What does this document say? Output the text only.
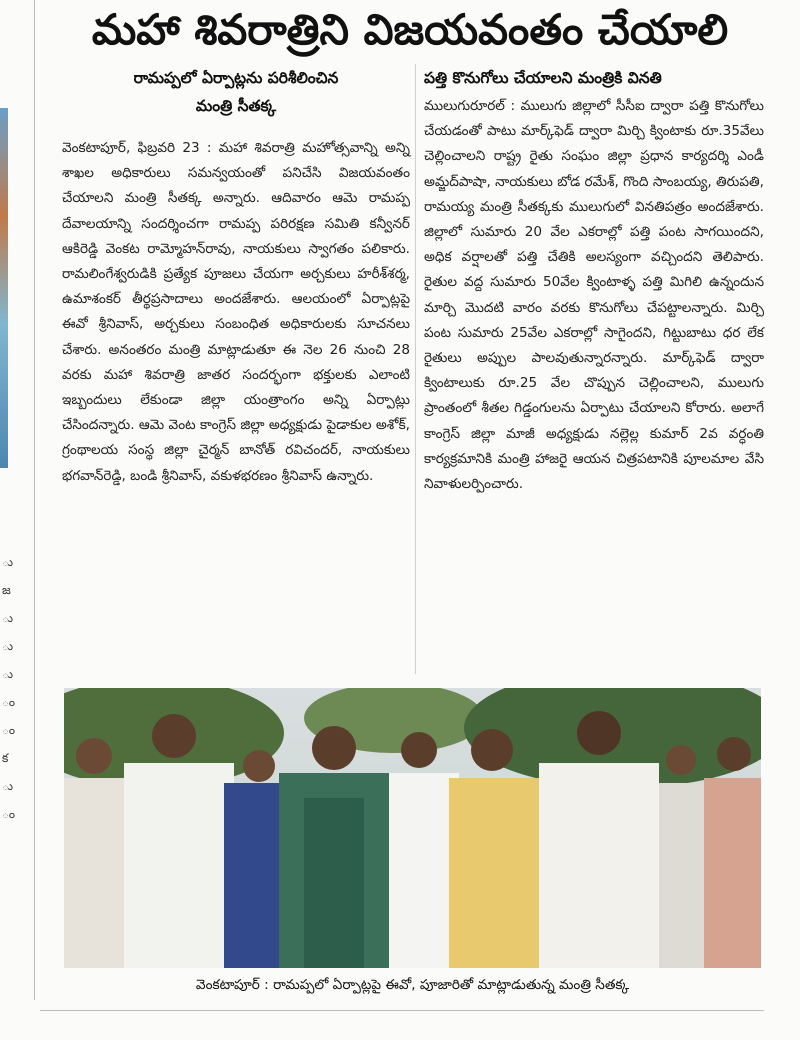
ు
జ
ు
ు
ు
ం
ం
క
ు
ం
మహా శివరాత్రిని విజయవంతం చేయాలి
రామప్పలో ఏర్పాట్లను పరిశీలించిన
మంత్రి సీతక్క

వెంకటాపూర్, ఫిబ్రవరి 23 : మహా శివరాత్రి మహోత్సవాన్ని అన్ని శాఖల అధికారులు సమన్వయంతో పనిచేసి విజయవంతం చేయాలని మంత్రి సీతక్క అన్నారు. ఆదివారం ఆమె రామప్ప దేవాలయాన్ని సందర్శించగా రామప్ప పరిరక్షణ సమితి కన్వీనర్ ఆకిరెడ్డి వెంకట రామ్మోహన్‌రావు, నాయకులు స్వాగతం పలికారు. రామలింగేశ్వరుడికి ప్రత్యేక పూజలు చేయగా అర్చకులు హరీశ్‌శర్మ, ఉమాశంకర్ తీర్థప్రసాదాలు అందజేశారు. ఆలయంలో ఏర్పాట్లపై ఈవో శ్రీనివాస్, అర్చకులు సంబంధిత అధికారులకు సూచనలు చేశారు. అనంతరం మంత్రి మాట్లాడుతూ ఈ నెల 26 నుంచి 28 వరకు మహా శివరాత్రి జాతర సందర్భంగా భక్తులకు ఎలాంటి ఇబ్బందులు లేకుండా జిల్లా యంత్రాంగం అన్ని ఏర్పాట్లు చేసిందన్నారు. ఆమె వెంట కాంగ్రెస్ జిల్లా అధ్యక్షుడు పైడాకుల అశోక్, గ్రంథాలయ సంస్థ జిల్లా చైర్మన్ బానోత్ రవిచందర్, నాయకులు భగవాన్‌రెడ్డి, బండి శ్రీనివాస్, వకుళభరణం శ్రీనివాస్ ఉన్నారు.

పత్తి కొనుగోలు చేయాలని మంత్రికి వినతి

ములుగురూరల్ : ములుగు జిల్లాలో సీసీఐ ద్వారా పత్తి కొనుగోలు చేయడంతో పాటు మార్క్‌ఫెడ్ ద్వారా మిర్చి క్వింటాకు రూ.35వేలు చెల్లించాలని రాష్ట్ర రైతు సంఘం జిల్లా ప్రధాన కార్యదర్శి ఎండీ అమ్జద్‌పాషా, నాయకులు బోడ రమేశ్, గొంది సాంబయ్య, తిరుపతి, రామయ్య మంత్రి సీతక్కకు ములుగులో వినతిపత్రం అందజేశారు. జిల్లాలో సుమారు 20 వేల ఎకరాల్లో పత్తి పంట సాగయిందని, అధిక వర్షాలతో పత్తి చేతికి అలస్యంగా వచ్చిందని తెలిపారు. రైతుల వద్ద సుమారు 50వేల క్వింటాళ్ళ పత్తి మిగిలి ఉన్నందున మార్చి మొదటి వారం వరకు కొనుగోలు చేపట్టాలన్నారు. మిర్చి పంట సుమారు 25వేల ఎకరాల్లో సాగైందని, గిట్టుబాటు ధర లేక రైతులు అప్పుల పాలవుతున్నారన్నారు. మార్క్‌ఫెడ్ ద్వారా క్వింటాలుకు రూ.25 వేల చొప్పున చెల్లించాలని, ములుగు ప్రాంతంలో శీతల గిడ్డంగులను ఏర్పాటు చేయాలని కోరారు. అలాగే కాంగ్రెస్ జిల్లా మాజీ అధ్యక్షుడు నల్లెల్ల కుమార్ 2వ వర్ధంతి కార్యక్రమానికి మంత్రి హాజరై ఆయన చిత్రపటానికి పూలమాల వేసి నివాళులర్పించారు.

వెంకటాపూర్ : రామప్పలో ఏర్పాట్లపై ఈవో, పూజారితో మాట్లాడుతున్న మంత్రి సీతక్క
